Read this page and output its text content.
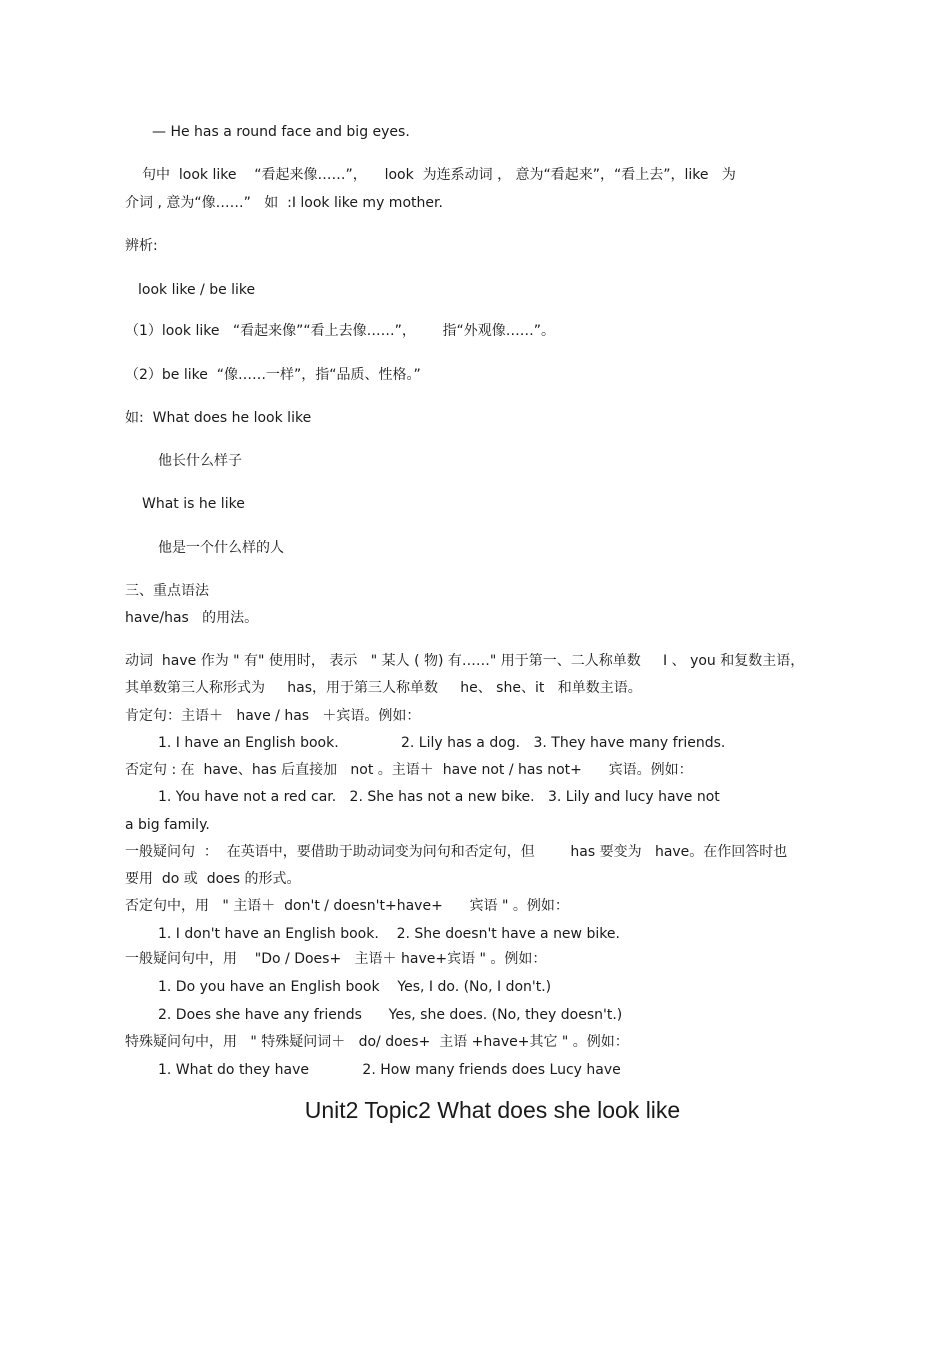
— He has a round face and big eyes.
句中  look like    “看起来像……”，    look  为连系动词 ， 意为“看起来”，“看上去”，like   为
介词 , 意为“像……”   如  :I look like my mother.
辨析:
look like / be like
（1）look like   “看起来像”“看上去像……”，      指“外观像……”。
（2）be like  “像……一样”，指“品质、性格。”
如:  What does he look like
他长什么样子
What is he like
他是一个什么样的人
三、重点语法
have/has   的用法。
动词  have 作为 " 有" 使用时， 表示   " 某人 ( 物) 有……" 用于第一、二人称单数     I 、 you 和复数主语，
其单数第三人称形式为     has，用于第三人称单数     he、 she、it   和单数主语。
肯定句：主语＋   have / has   ＋宾语。例如：
1. I have an English book.              2. Lily has a dog.   3. They have many friends.
否定句 : 在  have、has 后直接加   not 。主语＋  have not / has not+      宾语。例如：
1. You have not a red car.   2. She has not a new bike.   3. Lily and lucy have not
a big family.
一般疑问句  ：  在英语中，要借助于助动词变为问句和否定句，但        has 要变为   have。在作回答时也
要用  do 或  does 的形式。
否定句中，用   " 主语＋  don't / doesn't+have+      宾语 " 。例如：
1. I don't have an English book.    2. She doesn't have a new bike.
一般疑问句中，用    "Do / Does+   主语＋ have+宾语 " 。例如：
1. Do you have an English book    Yes, I do. (No, I don't.)
2. Does she have any friends      Yes, she does. (No, they doesn't.)
特殊疑问句中，用   " 特殊疑问词＋   do/ does+  主语 +have+其它 " 。例如：
1. What do they have            2. How many friends does Lucy have
Unit2 Topic2 What does she look like
